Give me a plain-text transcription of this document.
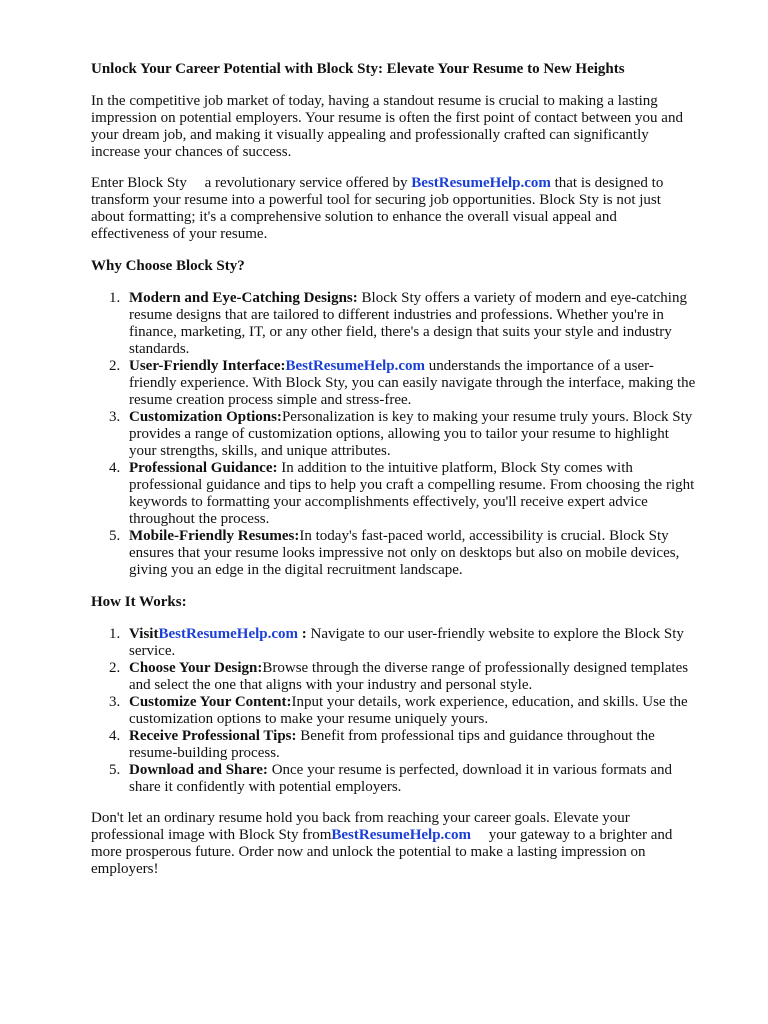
Unlock Your Career Potential with Block Sty: Elevate Your Resume to New Heights

In the competitive job market of today, having a standout resume is crucial to making a lasting impression on potential employers. Your resume is often the first point of contact between you and your dream job, and making it visually appealing and professionally crafted can significantly increase your chances of success.

Enter Block Sty a revolutionary service offered by BestResumeHelp.com that is designed to transform your resume into a powerful tool for securing job opportunities. Block Sty is not just about formatting; it's a comprehensive solution to enhance the overall visual appeal and effectiveness of your resume.

Why Choose Block Sty?
1. Modern and Eye-Catching Designs: Block Sty offers a variety of modern and eye-catching resume designs that are tailored to different industries and professions. Whether you're in finance, marketing, IT, or any other field, there's a design that suits your style and industry standards.
2. User-Friendly Interface:BestResumeHelp.com understands the importance of a user-friendly experience. With Block Sty, you can easily navigate through the interface, making the resume creation process simple and stress-free.
3. Customization Options:Personalization is key to making your resume truly yours. Block Sty provides a range of customization options, allowing you to tailor your resume to highlight your strengths, skills, and unique attributes.
4. Professional Guidance: In addition to the intuitive platform, Block Sty comes with professional guidance and tips to help you craft a compelling resume. From choosing the right keywords to formatting your accomplishments effectively, you'll receive expert advice throughout the process.
5. Mobile-Friendly Resumes:In today's fast-paced world, accessibility is crucial. Block Sty ensures that your resume looks impressive not only on desktops but also on mobile devices, giving you an edge in the digital recruitment landscape.
How It Works:
1. VisitBestResumeHelp.com : Navigate to our user-friendly website to explore the Block Sty service.
2. Choose Your Design:Browse through the diverse range of professionally designed templates and select the one that aligns with your industry and personal style.
3. Customize Your Content:Input your details, work experience, education, and skills. Use the customization options to make your resume uniquely yours.
4. Receive Professional Tips: Benefit from professional tips and guidance throughout the resume-building process.
5. Download and Share: Once your resume is perfected, download it in various formats and share it confidently with potential employers.

Don't let an ordinary resume hold you back from reaching your career goals. Elevate your professional image with Block Sty fromBestResumeHelp.com your gateway to a brighter and more prosperous future. Order now and unlock the potential to make a lasting impression on employers!
